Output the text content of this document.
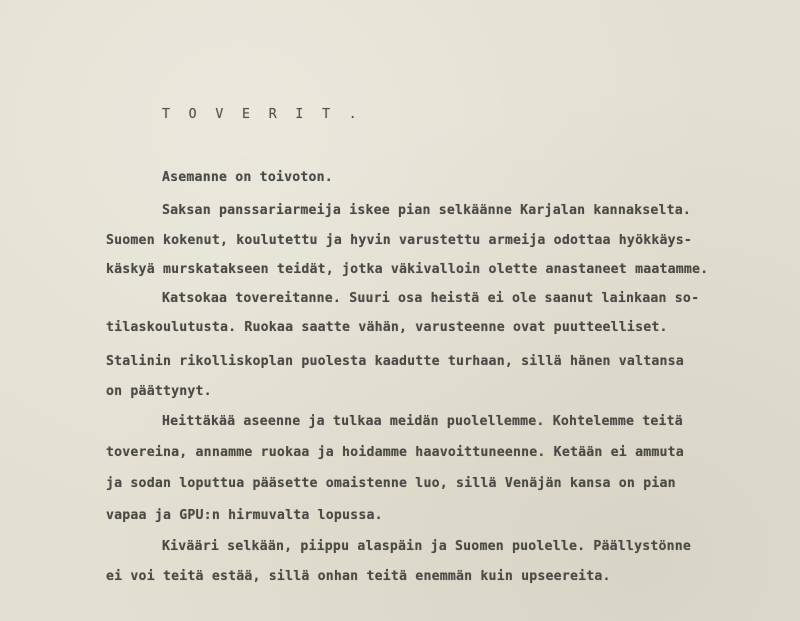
T O V E R I T .
Asemanne on toivoton.
Saksan panssariarmeija iskee pian selkäänne Karjalan kannakselta.
Suomen kokenut, koulutettu ja hyvin varustettu armeija odottaa hyökkäys-
käskyä murskatakseen teidät, jotka väkivalloin olette anastaneet maatamme.
Katsokaa tovereitanne. Suuri osa heistä ei ole saanut lainkaan so-
tilaskoulutusta. Ruokaa saatte vähän, varusteenne ovat puutteelliset.
Stalinin rikolliskoplan puolesta kaadutte turhaan, sillä hänen valtansa
on päättynyt.
Heittäkää aseenne ja tulkaa meidän puolellemme. Kohtelemme teitä
tovereina, annamme ruokaa ja hoidamme haavoittuneenne. Ketään ei ammuta
ja sodan loputtua pääsette omaistenne luo, sillä Venäjän kansa on pian
vapaa ja GPU:n hirmuvalta lopussa.
Kivääri selkään, piippu alaspäin ja Suomen puolelle. Päällystönne
ei voi teitä estää, sillä onhan teitä enemmän kuin upseereita.
